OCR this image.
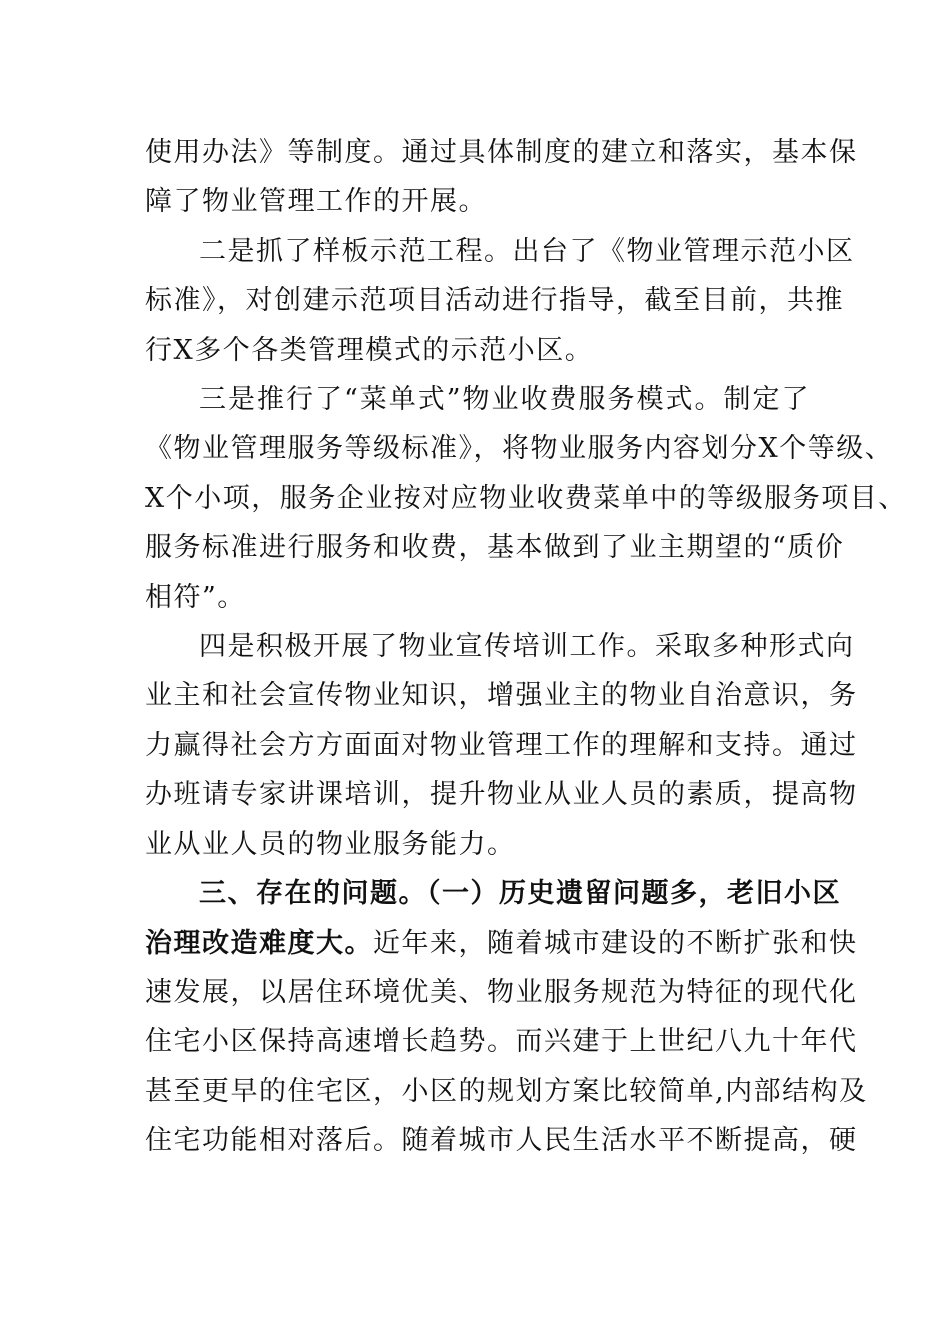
使用办法》等制度。通过具体制度的建立和落实，基本保
障了物业管理工作的开展。

二是抓了样板示范工程。出台了《物业管理示范小区
标准》，对创建示范项目活动进行指导，截至目前，共推
行X多个各类管理模式的示范小区。

三是推行了“菜单式”物业收费服务模式。制定了
《物业管理服务等级标准》，将物业服务内容划分X个等级、
X个小项，服务企业按对应物业收费菜单中的等级服务项目、
服务标准进行服务和收费，基本做到了业主期望的“质价
相符”。

四是积极开展了物业宣传培训工作。采取多种形式向
业主和社会宣传物业知识，增强业主的物业自治意识，务
力赢得社会方方面面对物业管理工作的理解和支持。通过
办班请专家讲课培训，提升物业从业人员的素质，提高物
业从业人员的物业服务能力。

三、存在的问题。（一）历史遗留问题多，老旧小区
治理改造难度大。近年来，随着城市建设的不断扩张和快
速发展，以居住环境优美、物业服务规范为特征的现代化
住宅小区保持高速增长趋势。而兴建于上世纪八九十年代
甚至更早的住宅区，小区的规划方案比较简单,内部结构及
住宅功能相对落后。随着城市人民生活水平不断提高，硬
